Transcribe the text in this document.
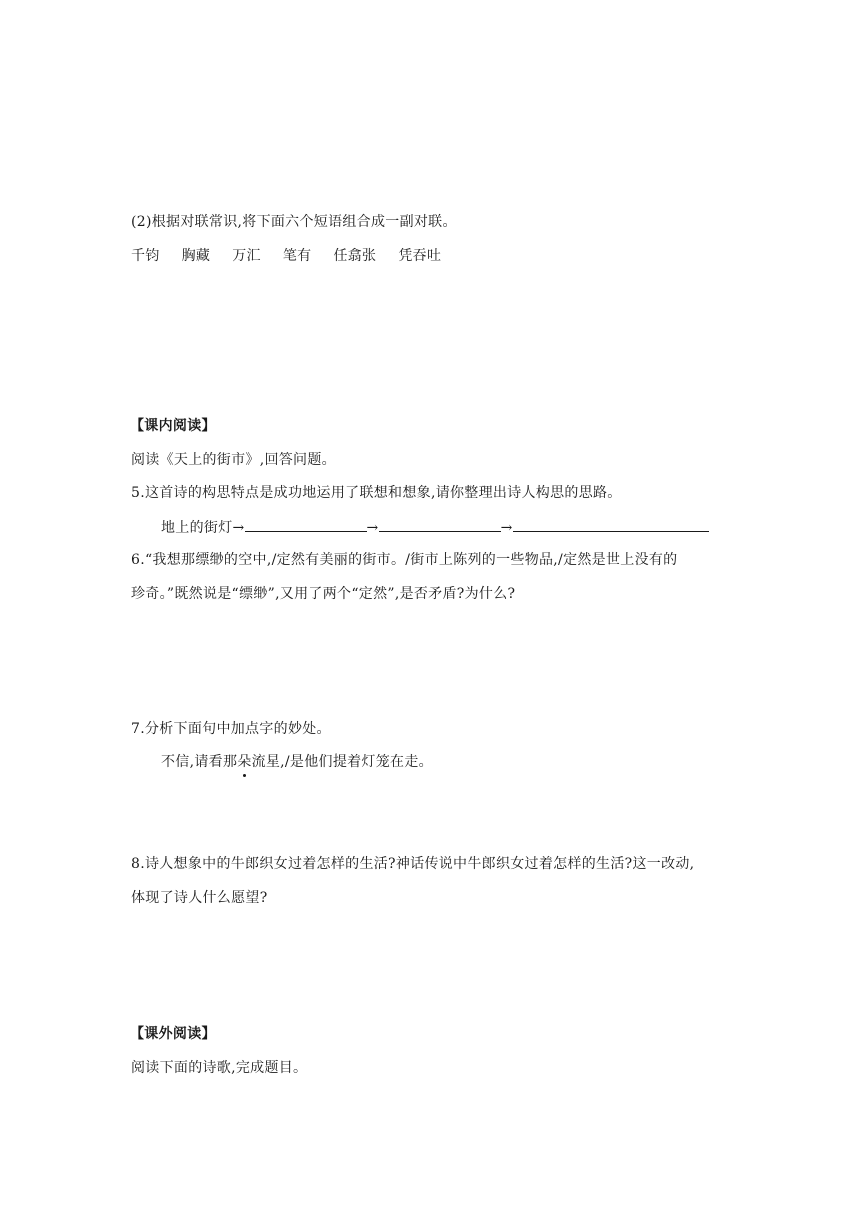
(2)根据对联常识,将下面六个短语组合成一副对联。
千钧 胸藏 万汇 笔有 任翕张 凭吞吐
【课内阅读】
阅读《天上的街市》,回答问题。
5.这首诗的构思特点是成功地运用了联想和想象,请你整理出诗人构思的思路。
地上的街灯→	→	→
6.“我想那缥缈的空中,/定然有美丽的街市。/街市上陈列的一些物品,/定然是世上没有的
珍奇。”既然说是“缥缈”,又用了两个“定然”,是否矛盾?为什么?
7.分析下面句中加点字的妙处。
不信,请看那朵流星,/是他们提着灯笼在走。
8.诗人想象中的牛郎织女过着怎样的生活?神话传说中牛郎织女过着怎样的生活?这一改动,
体现了诗人什么愿望?
【课外阅读】
阅读下面的诗歌,完成题目。
